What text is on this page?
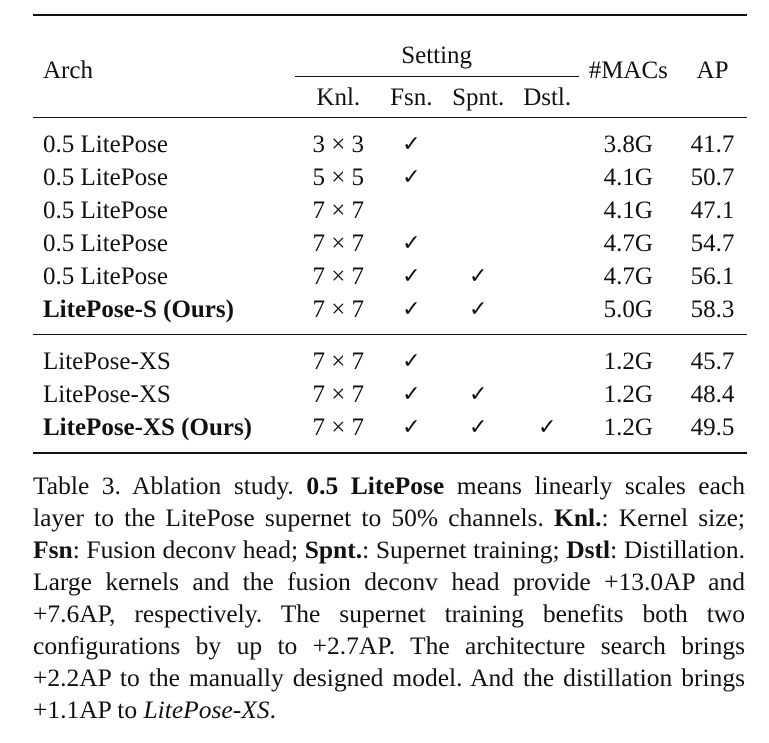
Arch	Setting				#MACs	AP
	Knl.	Fsn.	Spnt.	Dstl.		
0.5 LitePose	3 × 3	✓			3.8G	41.7
0.5 LitePose	5 × 5	✓			4.1G	50.7
0.5 LitePose	7 × 7				4.1G	47.1
0.5 LitePose	7 × 7	✓			4.7G	54.7
0.5 LitePose	7 × 7	✓	✓		4.7G	56.1
LitePose-S (Ours)	7 × 7	✓	✓		5.0G	58.3
LitePose-XS	7 × 7	✓			1.2G	45.7
LitePose-XS	7 × 7	✓	✓		1.2G	48.4
LitePose-XS (Ours)	7 × 7	✓	✓	✓	1.2G	49.5
Table 3. Ablation study. 0.5 LitePose means linearly scales each layer to the LitePose supernet to 50% channels. Knl.: Kernel size; Fsn: Fusion deconv head; Spnt.: Supernet training; Dstl: Distillation. Large kernels and the fusion deconv head provide +13.0AP and +7.6AP, respectively. The supernet training benefits both two configurations by up to +2.7AP. The architecture search brings +2.2AP to the manually designed model. And the distillation brings +1.1AP to LitePose-XS.
